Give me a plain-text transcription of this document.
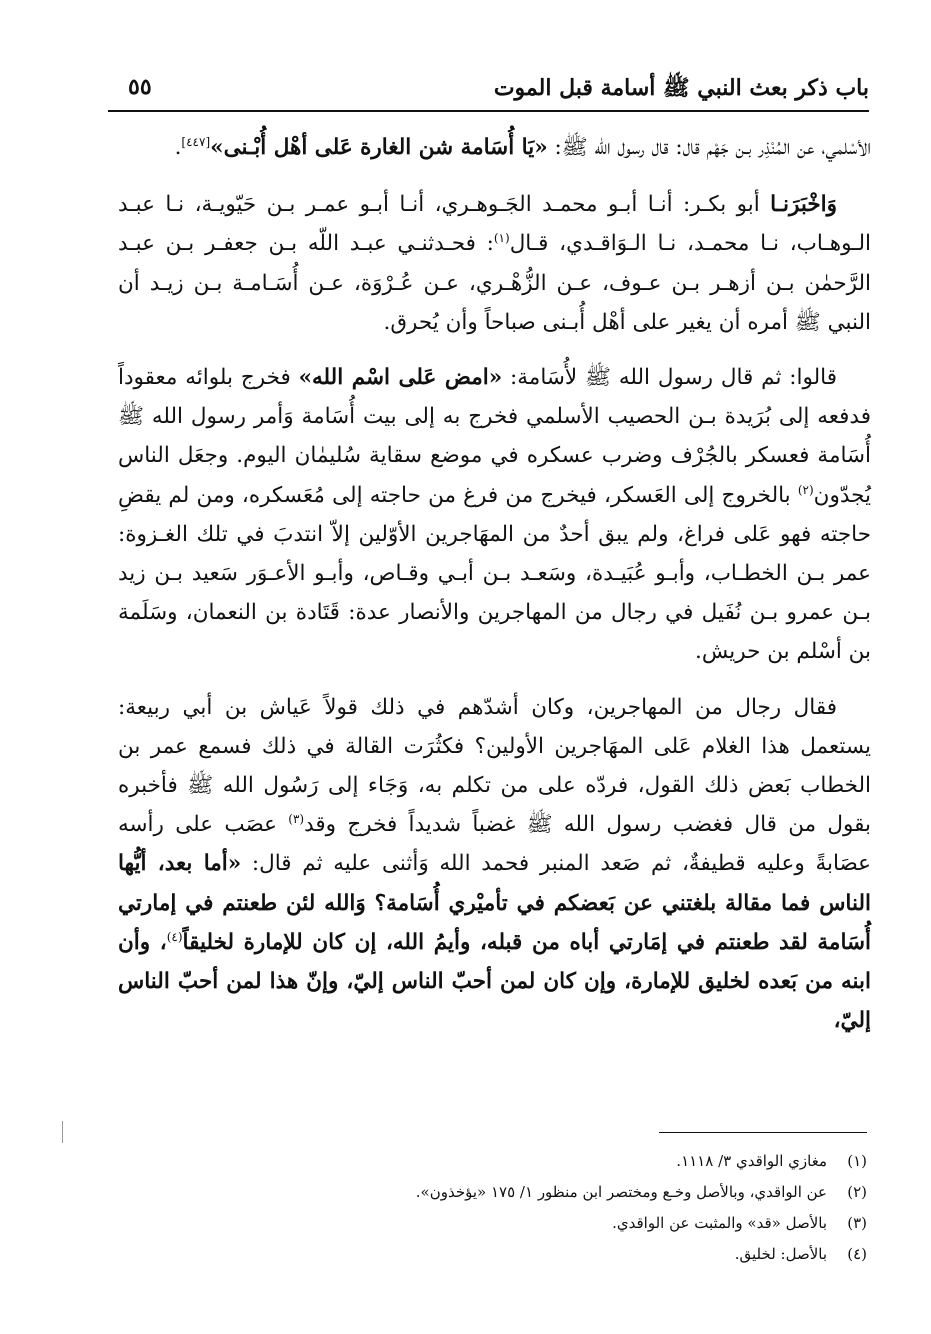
باب ذكر بعث النبي ﷺ أسامة قبل الموت
٥٥

الأسْلمي، عن المُنْذِر بـن جَهْم قال: قال رسول الله ﷺ: «يَا أُسَامة شن الغارة عَلى أهْل أُبْـنى»[٤٤٧].

وَاخْبَرَنـا أبو بكـر: أنـا أبـو محمـد الجَـوهـري، أنـا أبـو عمـر بـن حَيّويـة، نـا عبـد الـوهـاب، نـا محمـد، نـا الـوَاقـدي، قـال$^{(١)}$: فحـدثنـي عبـد اللّه بـن جعفـر بـن عبـد الرَّحمٰن بـن أزهـر بـن عـوف، عـن الزُّهْـري، عـن عُـرْوَة، عـن أُسَـامـة بـن زيـد أن النبي ﷺ أمره أن يغير على أهْل أُبـنى صباحاً وأن يُحرق.

قالوا: ثم قال رسول الله ﷺ لأُسَامة: «امض عَلى اسْم الله» فخرج بلوائه معقوداً فدفعه إلى بُرَيدة بـن الحصيب الأسلمي فخرج به إلى بيت أُسَامة وَأمر رسول الله ﷺ أُسَامة فعسكر بالجُرْف وضرب عسكره في موضع سقاية سُليمٰان اليوم. وجعَل الناس يُجدّون$^{(٢)}$ بالخروج إلى العَسكر، فيخرج من فرغ من حاجته إلى مُعَسكره، ومن لم يقضِ حاجته فهو عَلى فراغ، ولم يبق أحدٌ من المهَاجرين الأوّلين إلاّ انتدبَ في تلك الغـزوة: عمر بـن الخطـاب، وأبـو عُبَيـدة، وسَعـد بـن أبـي وقـاص، وأبـو الأعـوَر سَعيد بـن زيد بـن عمرو بـن نُفَيل في رجال من المهاجرين والأنصار عدة: قَتَادة بن النعمان، وسَلَمة بن أسْلم بن حريش.

فقال رجال من المهاجرين، وكان أشدّهم في ذلك قولاً عَياش بن أبي ربيعة: يستعمل هذا الغلام عَلى المهَاجرين الأولين؟ فكثُرَت القالة في ذلك فسمع عمر بن الخطاب بَعض ذلك القول، فردّه على من تكلم به، وَجَاء إلى رَسُول الله ﷺ فأخبره بقول من قال فغضب رسول الله ﷺ غضباً شديداً فخرج وقد$^{(٣)}$ عصَب على رأسه عصَابةً وعليه قطيفةٌ، ثم صَعد المنبر فحمد الله وَأثنى عليه ثم قال: «أما بعد، أيُّها الناس فما مقالة بلغتني عن بَعضكم في تأميْري أُسَامة؟ وَالله لئن طعنتم في إمارتي أُسَامة لقد طعنتم في إمَارتي أباه من قبله، وأيمُ الله، إن كان للإمارة لخليقاً$^{(٤)}$، وأن ابنه من بَعده لخليق للإمارة، وإن كان لمن أحبّ الناس إليّ، وإنّ هذا لمن أحبّ الناس إليّ،

(١)
مغازي الواقدي ٣/ ١١١٨.
(٢)
عن الواقدي، وبالأصل وخـع ومختصر ابن منظور ١/ ١٧٥ «يؤخذون».
(٣)
بالأصل «قد» والمثبت عن الواقدي.
(٤)
بالأصل: لخليق.
